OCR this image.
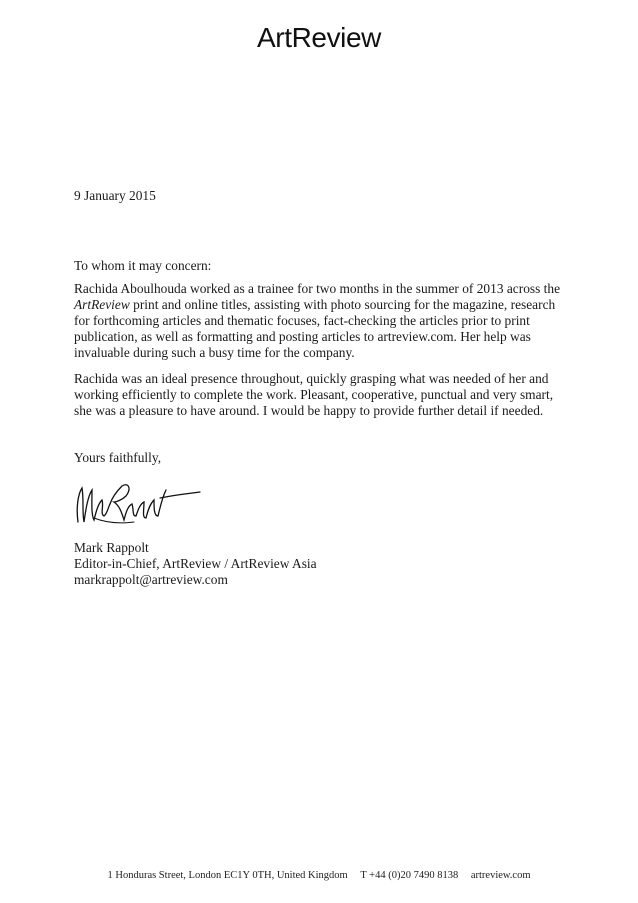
ArtReview
9 January 2015
To whom it may concern:
Rachida Aboulhouda worked as a trainee for two months in the summer of 2013 across the ArtReview print and online titles, assisting with photo sourcing for the magazine, research for forthcoming articles and thematic focuses, fact-checking the articles prior to print publication, as well as formatting and posting articles to artreview.com. Her help was invaluable during such a busy time for the company.
Rachida was an ideal presence throughout, quickly grasping what was needed of her and working efficiently to complete the work. Pleasant, cooperative, punctual and very smart, she was a pleasure to have around. I would be happy to provide further detail if needed.
Yours faithfully,
Mark Rappolt
Editor-in-Chief, ArtReview / ArtReview Asia
markrappolt@artreview.com
1 Honduras Street, London EC1Y 0TH, United Kingdom T +44 (0)20 7490 8138 artreview.com
